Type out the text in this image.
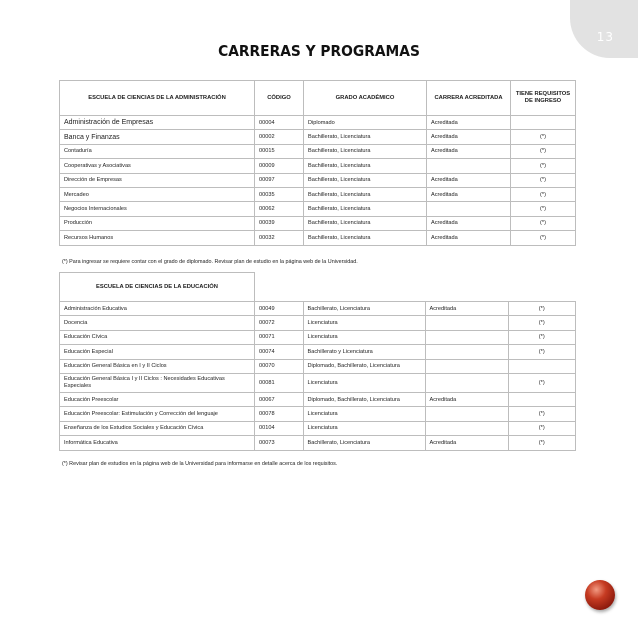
13
CARRERAS Y PROGRAMAS
ESCUELA DE CIENCIAS DE LA ADMINISTRACIÓN	CÓDIGO	GRADO ACADÉMICO	CARRERA ACREDITADA	TIENE REQUISITOS DE INGRESO
Administración de Empresas	00004	Diplomado	Acreditada	
Banca y Finanzas	00002	Bachillerato, Licenciatura	Acreditada	(*)
Contaduría	00015	Bachillerato, Licenciatura	Acreditada	(*)
Cooperativas y Asociativas	00009	Bachillerato, Licenciatura		(*)
Dirección de Empresas	00097	Bachillerato, Licenciatura	Acreditada	(*)
Mercadeo	00035	Bachillerato, Licenciatura	Acreditada	(*)
Negocios Internacionales	00062	Bachillerato, Licenciatura		(*)
Producción	00039	Bachillerato, Licenciatura	Acreditada	(*)
Recursos Humanos	00032	Bachillerato, Licenciatura	Acreditada	(*)
(*) Para ingresar se requiere contar con el grado de diplomado. Revisar plan de estudio en la página web de la Universidad.
ESCUELA DE CIENCIAS DE LA EDUCACIÓN				
Administración Educativa	00049	Bachillerato, Licenciatura	Acreditada	(*)
Docencia	00072	Licenciatura		(*)
Educación Cívica	00071	Licenciatura		(*)
Educación Especial	00074	Bachillerato y Licenciatura		(*)
Educación General Básica en I y II Ciclos	00070	Diplomado, Bachillerato, Licenciatura		
Educación General Básica I y II Ciclos : Necesidades Educativas Especiales	00081	Licenciatura		(*)
Educación Preescolar	00067	Diplomado, Bachillerato, Licenciatura	Acreditada	
Educación Preescolar: Estimulación y Corrección del lenguaje	00078	Licenciatura		(*)
Enseñanza de los Estudios Sociales y Educación Cívica	00104	Licenciatura		(*)
Informática Educativa	00073	Bachillerato, Licenciatura	Acreditada	(*)
(*) Revisar plan de estudios en la página web de la Universidad para informarse en detalle acerca de los requisitos.
